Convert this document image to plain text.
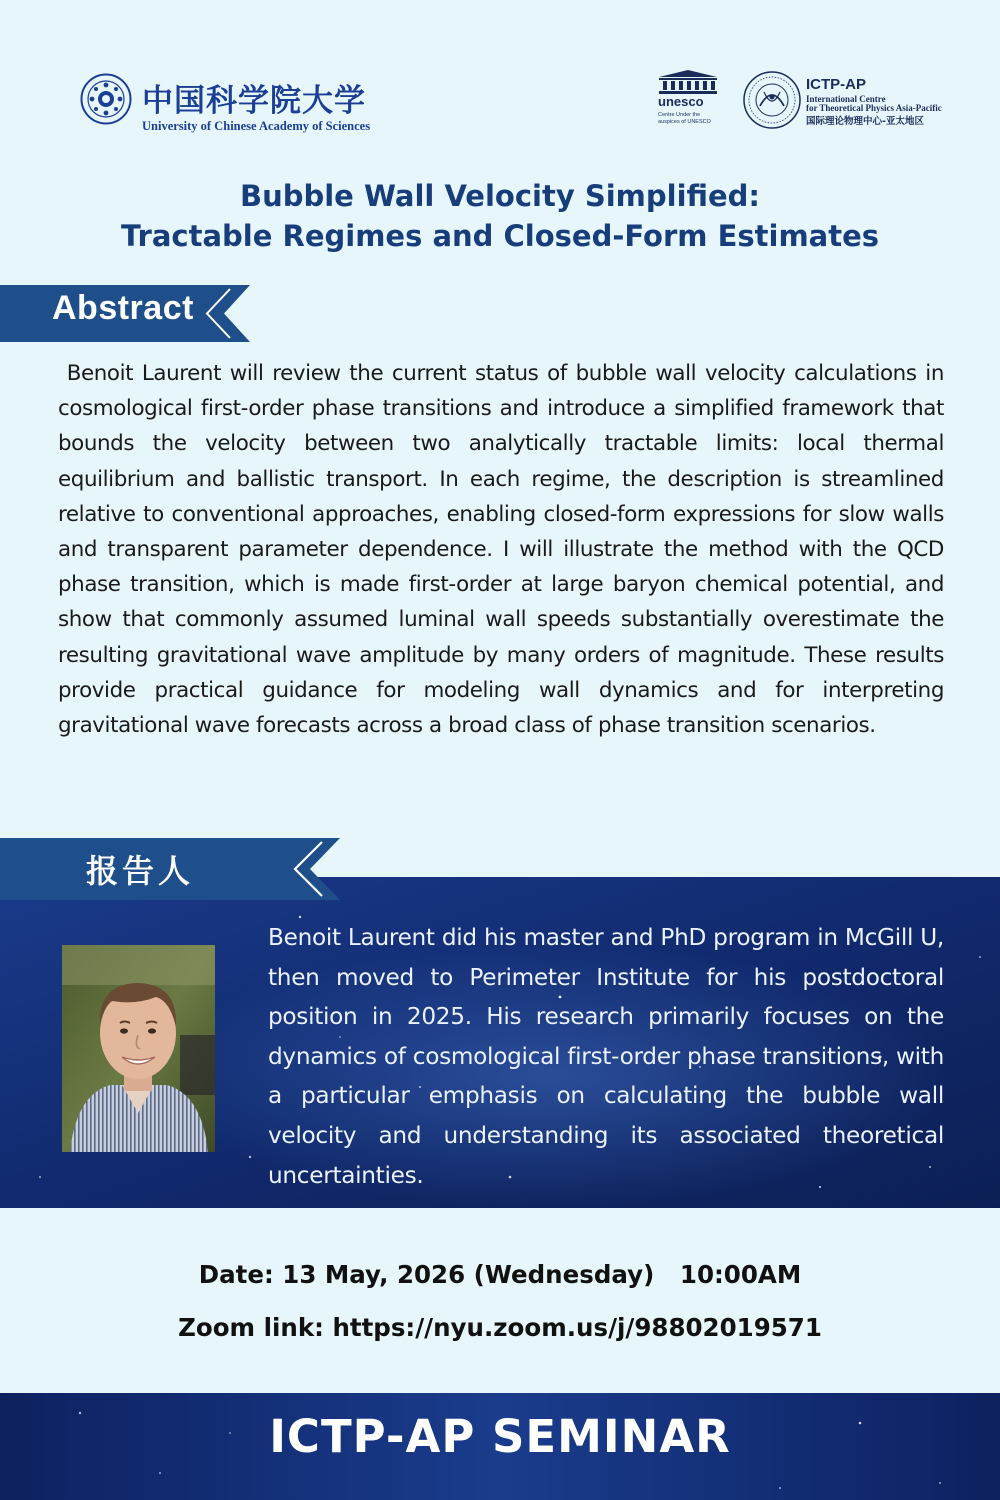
中国科学院大学
University of Chinese Academy of Sciences
unesco
Centre Under the auspices of UNESCO
ICTP-AP
International Centre
for Theoretical Physics Asia-Pacific
国际理论物理中心-亚太地区
Bubble Wall Velocity Simplified:
Tractable Regimes and Closed-Form Estimates
Abstract
Benoit Laurent will review the current status of bubble wall velocity calculations in cosmological first-order phase transitions and introduce a simplified framework that bounds the velocity between two analytically tractable limits: local thermal equilibrium and ballistic transport. In each regime, the description is streamlined relative to conventional approaches, enabling closed-form expressions for slow walls and transparent parameter dependence. I will illustrate the method with the QCD phase transition, which is made first-order at large baryon chemical potential, and show that commonly assumed luminal wall speeds substantially overestimate the resulting gravitational wave amplitude by many orders of magnitude. These results provide practical guidance for modeling wall dynamics and for interpreting gravitational wave forecasts across a broad class of phase transition scenarios.
报告人
Benoit Laurent did his master and PhD program in McGill U, then moved to Perimeter Institute for his postdoctoral position in 2025. His research primarily focuses on the dynamics of cosmological first-order phase transitions, with a particular emphasis on calculating the bubble wall velocity and understanding its associated theoretical uncertainties.
Date: 13 May, 2026 (Wednesday)   10:00AM
Zoom link: https://nyu.zoom.us/j/98802019571
ICTP-AP SEMINAR
